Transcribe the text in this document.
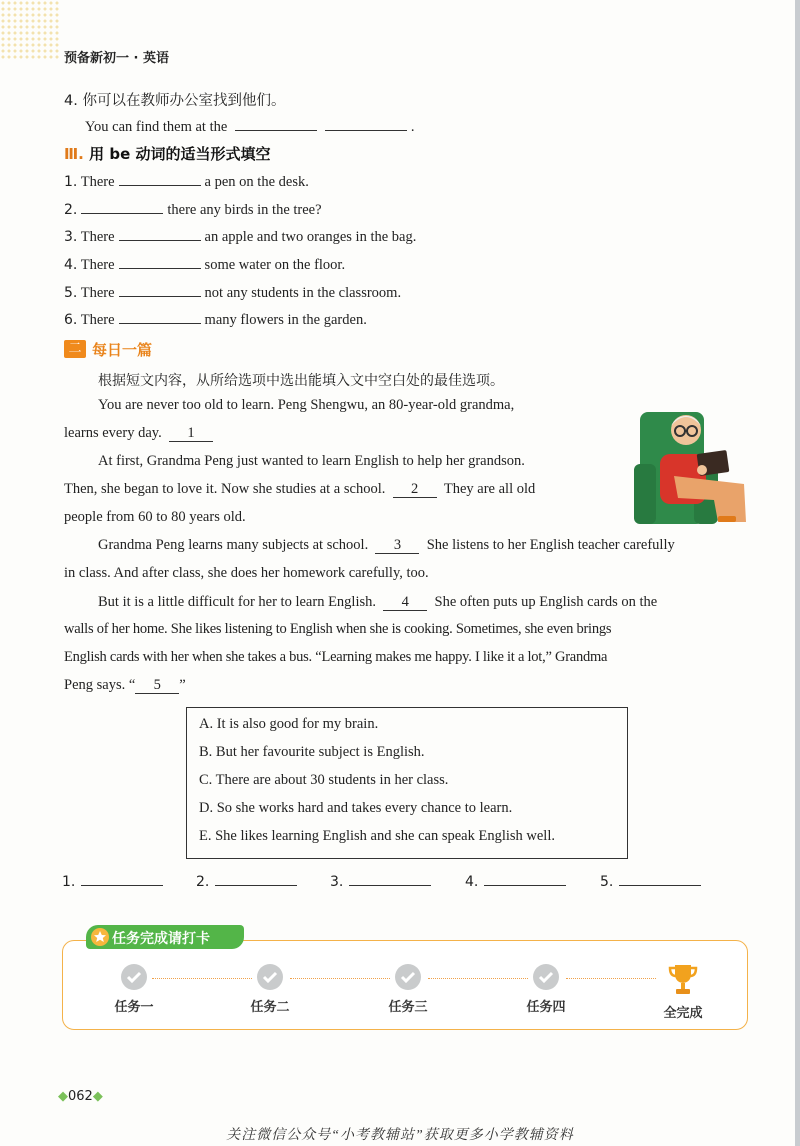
预备新初一 · 英语
4. 你可以在教师办公室找到他们。
You can find them at the	.
Ⅲ. 用 be 动词的适当形式填空
1. There	a pen on the desk.
2.	there any birds in the tree?
3. There	an apple and two oranges in the bag.
4. There	some water on the floor.
5. There	not any students in the classroom.
6. There	many flowers in the garden.
二 每日一篇
根据短文内容，从所给选项中选出能填入文中空白处的最佳选项。
You are never too old to learn. Peng Shengwu, an 80-year-old grandma,
learns every day. 1
At first, Grandma Peng just wanted to learn English to help her grandson.
Then, she began to love it. Now she studies at a school. 2 They are all old
people from 60 to 80 years old.
Grandma Peng learns many subjects at school. 3 She listens to her English teacher carefully
in class. And after class, she does her homework carefully, too.
But it is a little difficult for her to learn English. 4 She often puts up English cards on the
walls of her home. She likes listening to English when she is cooking. Sometimes, she even brings
English cards with her when she takes a bus. “Learning makes me happy. I like it a lot,” Grandma
Peng says. “ 5 ”
A. It is also good for my brain.
B. But her favourite subject is English.
C. There are about 30 students in her class.
D. So she works hard and takes every chance to learn.
E. She likes learning English and she can speak English well.
1.	2.	3.	4.	5.
任务完成请打卡
任务一	任务二	任务三	任务四	全完成
◆062◆
关注微信公众号“小考教辅站”获取更多小学教辅资料
